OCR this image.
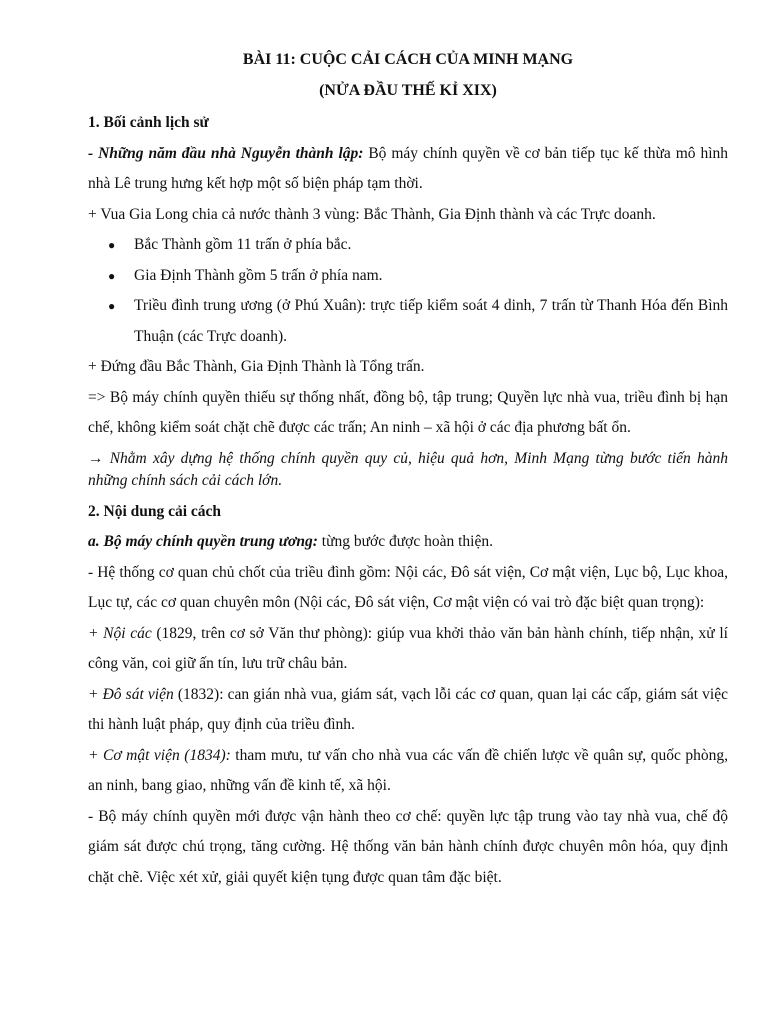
BÀI 11: CUỘC CẢI CÁCH CỦA MINH MẠNG
(NỬA ĐẦU THẾ KỈ XIX)
1. Bối cảnh lịch sử

- Những năm đầu nhà Nguyễn thành lập: Bộ máy chính quyền về cơ bản tiếp tục kế thừa mô hình nhà Lê trung hưng kết hợp một số biện pháp tạm thời.

+ Vua Gia Long chia cả nước thành 3 vùng: Bắc Thành, Gia Định thành và các Trực doanh.

● Bắc Thành gồm 11 trấn ở phía bắc.
● Gia Định Thành gồm 5 trấn ở phía nam.
● Triều đình trung ương (ở Phú Xuân): trực tiếp kiểm soát 4 dinh, 7 trấn từ Thanh Hóa đến Bình Thuận (các Trực doanh).

+ Đứng đầu Bắc Thành, Gia Định Thành là Tổng trấn.

=> Bộ máy chính quyền thiếu sự thống nhất, đồng bộ, tập trung; Quyền lực nhà vua, triều đình bị hạn chế, không kiểm soát chặt chẽ được các trấn; An ninh – xã hội ở các địa phương bất ổn.

→ Nhằm xây dựng hệ thống chính quyền quy củ, hiệu quả hơn, Minh Mạng từng bước tiến hành những chính sách cải cách lớn.

2. Nội dung cải cách

a. Bộ máy chính quyền trung ương: từng bước được hoàn thiện.

- Hệ thống cơ quan chủ chốt của triều đình gồm: Nội các, Đô sát viện, Cơ mật viện, Lục bộ, Lục khoa, Lục tự, các cơ quan chuyên môn (Nội các, Đô sát viện, Cơ mật viện có vai trò đặc biệt quan trọng):

+ Nội các (1829, trên cơ sở Văn thư phòng): giúp vua khởi thảo văn bản hành chính, tiếp nhận, xử lí công văn, coi giữ ấn tín, lưu trữ châu bản.

+ Đô sát viện (1832): can gián nhà vua, giám sát, vạch lỗi các cơ quan, quan lại các cấp, giám sát việc thi hành luật pháp, quy định của triều đình.

+ Cơ mật viện (1834): tham mưu, tư vấn cho nhà vua các vấn đề chiến lược về quân sự, quốc phòng, an ninh, bang giao, những vấn đề kinh tế, xã hội.

- Bộ máy chính quyền mới được vận hành theo cơ chế: quyền lực tập trung vào tay nhà vua, chế độ giám sát được chú trọng, tăng cường. Hệ thống văn bản hành chính được chuyên môn hóa, quy định chặt chẽ. Việc xét xử, giải quyết kiện tụng được quan tâm đặc biệt.
